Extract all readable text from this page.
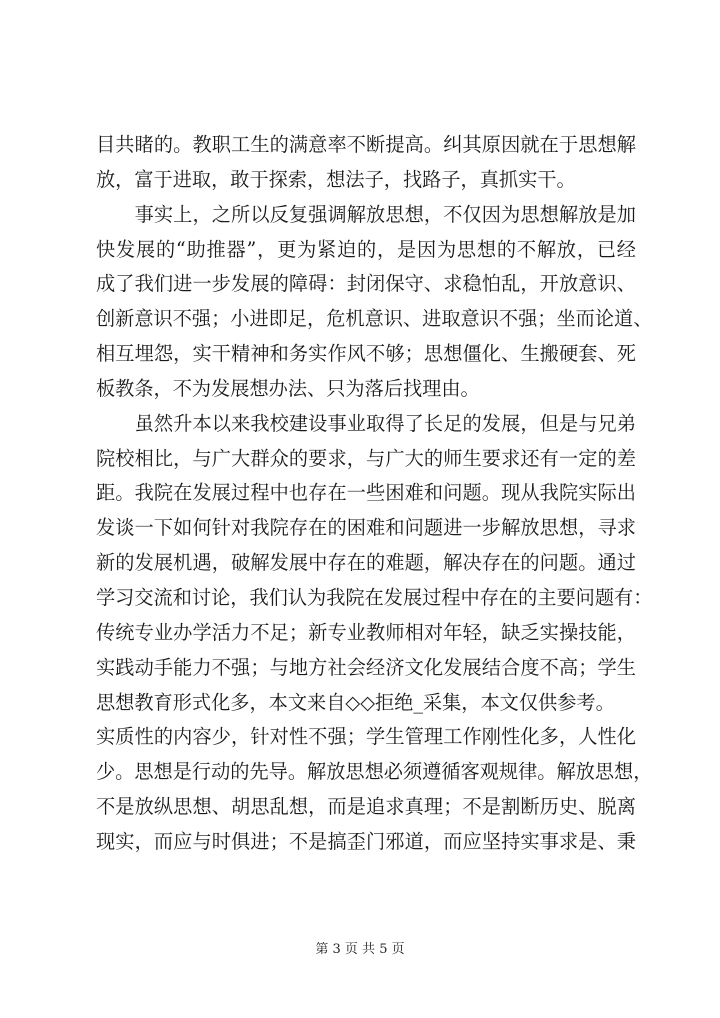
目共睹的。教职工生的满意率不断提高。纠其原因就在于思想解
放，富于进取，敢于探索，想法子，找路子，真抓实干。
　　事实上，之所以反复强调解放思想，不仅因为思想解放是加
快发展的“助推器”，更为紧迫的，是因为思想的不解放，已经
成了我们进一步发展的障碍：封闭保守、求稳怕乱，开放意识、
创新意识不强；小进即足，危机意识、进取意识不强；坐而论道、
相互埋怨，实干精神和务实作风不够；思想僵化、生搬硬套、死
板教条，不为发展想办法、只为落后找理由。
　　虽然升本以来我校建设事业取得了长足的发展，但是与兄弟
院校相比，与广大群众的要求，与广大的师生要求还有一定的差
距。我院在发展过程中也存在一些困难和问题。现从我院实际出
发谈一下如何针对我院存在的困难和问题进一步解放思想，寻求
新的发展机遇，破解发展中存在的难题，解决存在的问题。通过
学习交流和讨论，我们认为我院在发展过程中存在的主要问题有：
传统专业办学活力不足；新专业教师相对年轻，缺乏实操技能，
实践动手能力不强；与地方社会经济文化发展结合度不高；学生
思想教育形式化多，本文来自◇◇拒绝_采集，本文仅供参考。
实质性的内容少，针对性不强；学生管理工作刚性化多，人性化
少。思想是行动的先导。解放思想必须遵循客观规律。解放思想，
不是放纵思想、胡思乱想，而是追求真理；不是割断历史、脱离
现实，而应与时俱进；不是搞歪门邪道，而应坚持实事求是、秉
第 3 页 共 5 页
